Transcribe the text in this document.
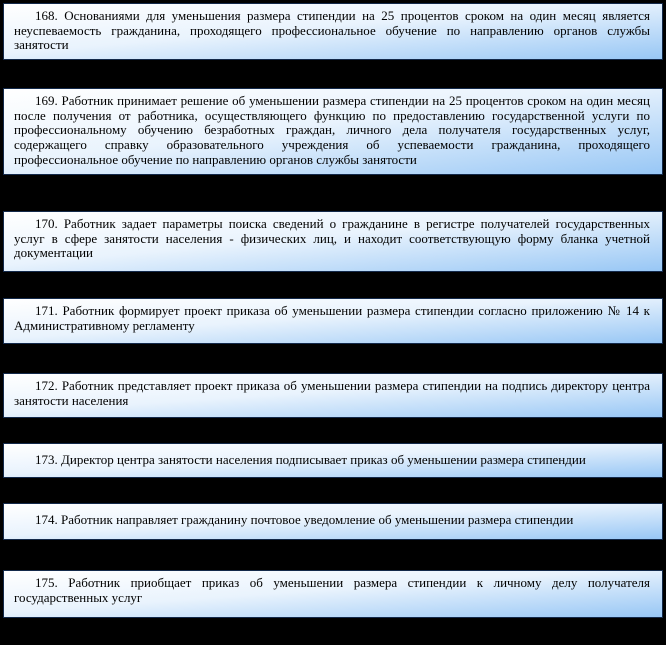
168. Основаниями для уменьшения размера стипендии на 25 процентов сроком на один месяц является неуспеваемость гражданина, проходящего профессиональное обучение по направлению органов службы занятости
169. Работник принимает решение об уменьшении размера стипендии на 25 процентов сроком на один месяц после получения от работника, осуществляющего функцию по предоставлению государственной услуги по профессиональному обучению безработных граждан, личного дела получателя государственных услуг, содержащего справку образовательного учреждения об успеваемости гражданина, проходящего профессиональное обучение по направлению органов службы занятости
170. Работник задает параметры поиска сведений о гражданине в регистре получателей государственных услуг в сфере занятости населения - физических лиц, и находит соответствующую форму бланка учетной документации
171. Работник формирует проект приказа об уменьшении размера стипендии согласно приложению № 14 к Административному регламенту
172. Работник представляет проект приказа об уменьшении размера стипендии на подпись директору центра занятости населения
173. Директор центра занятости населения подписывает приказ об уменьшении размера стипендии
174. Работник направляет гражданину почтовое уведомление об уменьшении размера стипендии
175. Работник приобщает приказ об уменьшении размера стипендии к личному делу получателя государственных услуг
